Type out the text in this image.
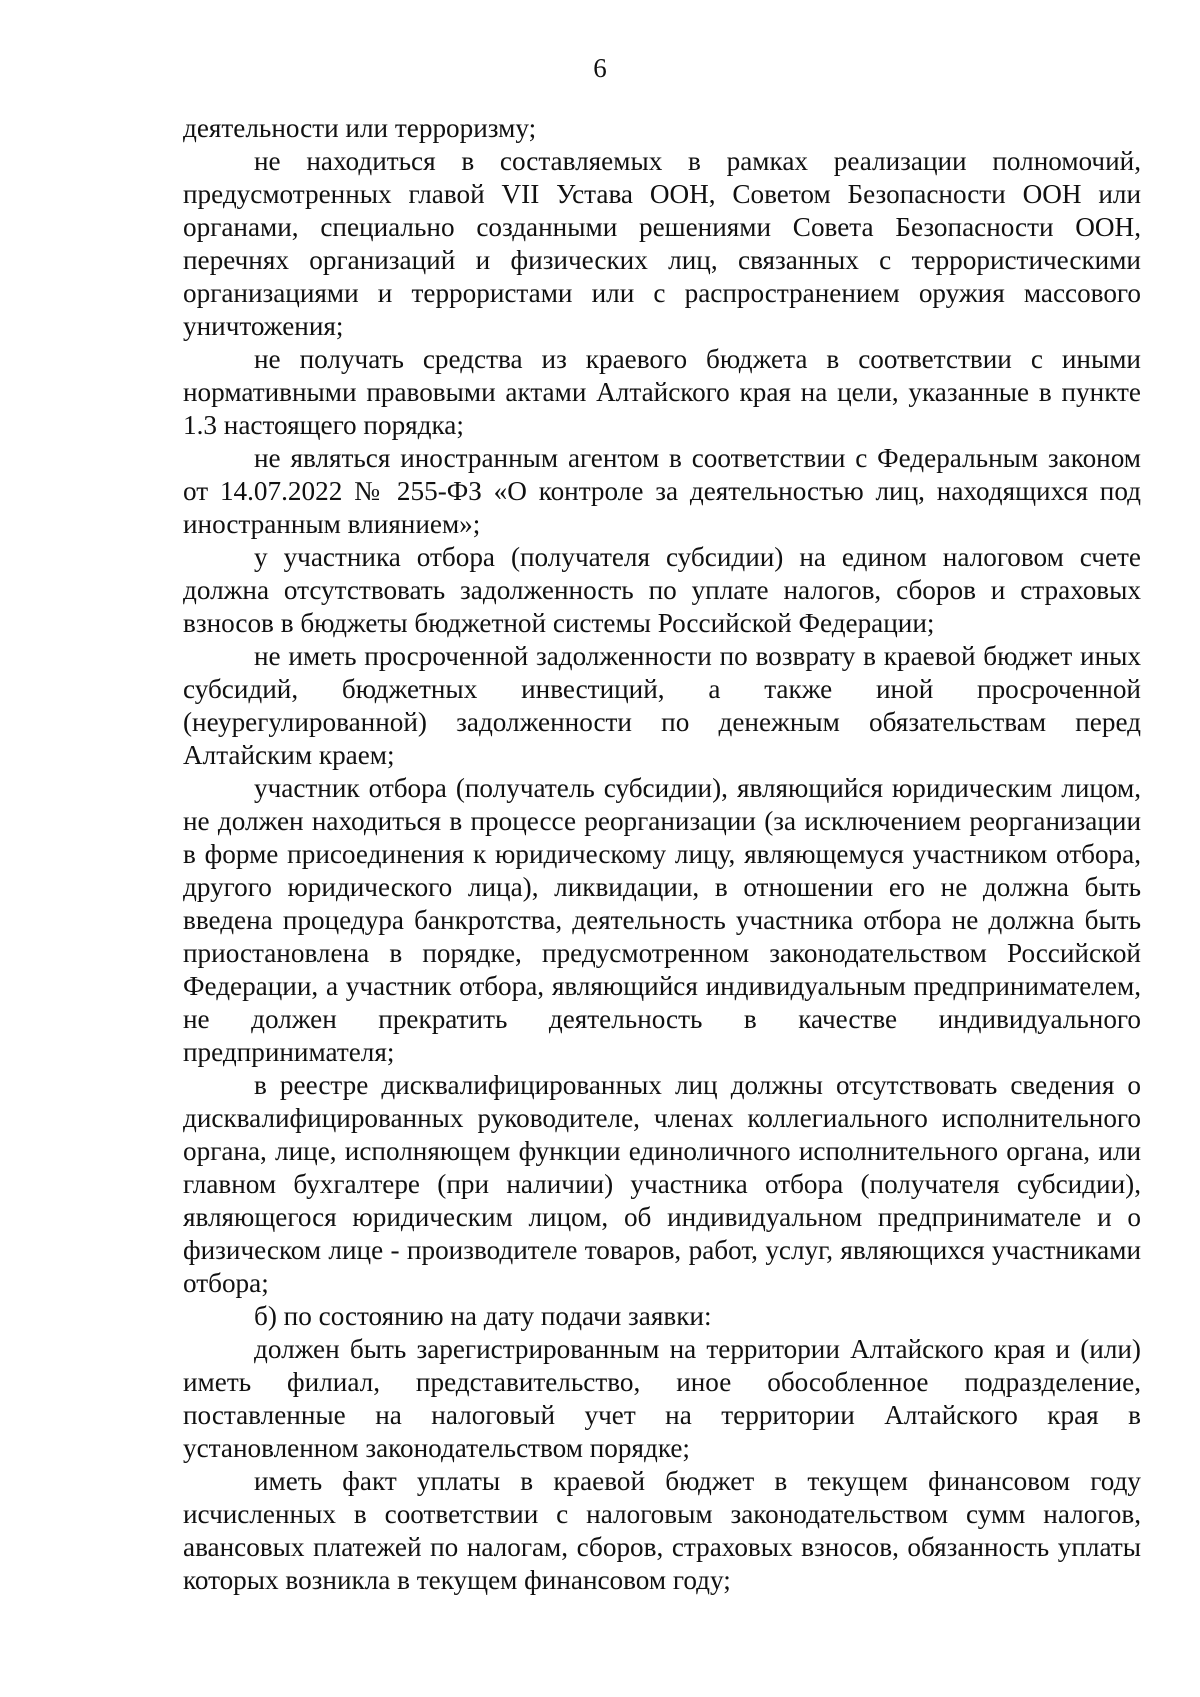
6

деятельности или терроризму;

не находиться в составляемых в рамках реализации полномочий, предусмотренных главой VII Устава ООН, Советом Безопасности ООН или органами, специально созданными решениями Совета Безопасности ООН, перечнях организаций и физических лиц, связанных с террористическими организациями и террористами или с распространением оружия массового уничтожения;

не получать средства из краевого бюджета в соответствии с иными нормативными правовыми актами Алтайского края на цели, указанные в пункте 1.3 настоящего порядка;

не являться иностранным агентом в соответствии с Федеральным законом от 14.07.2022 № 255-ФЗ «О контроле за деятельностью лиц, находящихся под иностранным влиянием»;

у участника отбора (получателя субсидии) на едином налоговом счете должна отсутствовать задолженность по уплате налогов, сборов и страховых взносов в бюджеты бюджетной системы Российской Федерации;

не иметь просроченной задолженности по возврату в краевой бюджет иных субсидий, бюджетных инвестиций, а также иной просроченной (неурегулированной) задолженности по денежным обязательствам перед Алтайским краем;

участник отбора (получатель субсидии), являющийся юридическим лицом, не должен находиться в процессе реорганизации (за исключением реорганизации в форме присоединения к юридическому лицу, являющемуся участником отбора, другого юридического лица), ликвидации, в отношении его не должна быть введена процедура банкротства, деятельность участника отбора не должна быть приостановлена в порядке, предусмотренном законодательством Российской Федерации, а участник отбора, являющийся индивидуальным предпринимателем, не должен прекратить деятельность в качестве индивидуального предпринимателя;

в реестре дисквалифицированных лиц должны отсутствовать сведения о дисквалифицированных руководителе, членах коллегиального исполнительного органа, лице, исполняющем функции единоличного исполнительного органа, или главном бухгалтере (при наличии) участника отбора (получателя субсидии), являющегося юридическим лицом, об индивидуальном предпринимателе и о физическом лице - производителе товаров, работ, услуг, являющихся участниками отбора;

б) по состоянию на дату подачи заявки:

должен быть зарегистрированным на территории Алтайского края и (или) иметь филиал, представительство, иное обособленное подразделение, поставленные на налоговый учет на территории Алтайского края в установленном законодательством порядке;

иметь факт уплаты в краевой бюджет в текущем финансовом году исчисленных в соответствии с налоговым законодательством сумм налогов, авансовых платежей по налогам, сборов, страховых взносов, обязанность уплаты которых возникла в текущем финансовом году;
